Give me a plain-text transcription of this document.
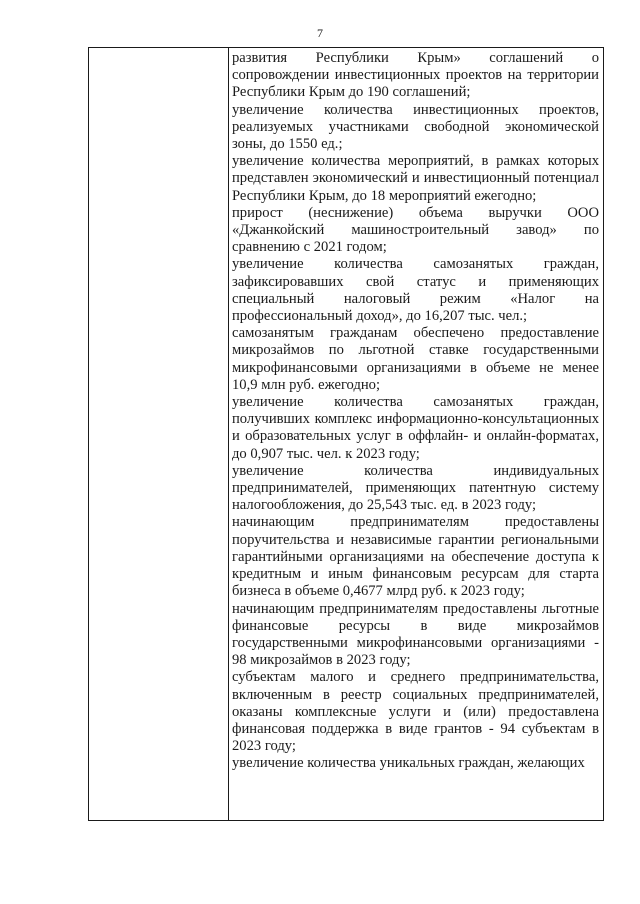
7

развития Республики Крым» соглашений о сопровождении инвестиционных проектов на территории Республики Крым до 190 соглашений;

увеличение количества инвестиционных проектов, реализуемых участниками свободной экономической зоны, до 1550 ед.;

увеличение количества мероприятий, в рамках которых представлен экономический и инвестиционный потенциал Республики Крым, до 18 мероприятий ежегодно;

прирост (неснижение) объема выручки ООО «Джанкойский машиностроительный завод» по сравнению с 2021 годом;

увеличение количества самозанятых граждан, зафиксировавших свой статус и применяющих специальный налоговый режим «Налог на профессиональный доход», до 16,207 тыс. чел.;

самозанятым гражданам обеспечено предоставление микрозаймов по льготной ставке государственными микрофинансовыми организациями в объеме не менее 10,9 млн руб. ежегодно;

увеличение количества самозанятых граждан, получивших комплекс информационно-консультационных и образовательных услуг в оффлайн- и онлайн-форматах, до 0,907 тыс. чел. к 2023 году;

увеличение количества индивидуальных предпринимателей, применяющих патентную систему налогообложения, до 25,543 тыс. ед. в 2023 году;

начинающим предпринимателям предоставлены поручительства и независимые гарантии региональными гарантийными организациями на обеспечение доступа к кредитным и иным финансовым ресурсам для старта бизнеса в объеме 0,4677 млрд руб. к 2023 году;

начинающим предпринимателям предоставлены льготные финансовые ресурсы в виде микрозаймов государственными микрофинансовыми организациями - 98 микрозаймов в 2023 году;

субъектам малого и среднего предпринимательства, включенным в реестр социальных предпринимателей, оказаны комплексные услуги и (или) предоставлена финансовая поддержка в виде грантов - 94 субъектам в 2023 году;

увеличение количества уникальных граждан, желающих
